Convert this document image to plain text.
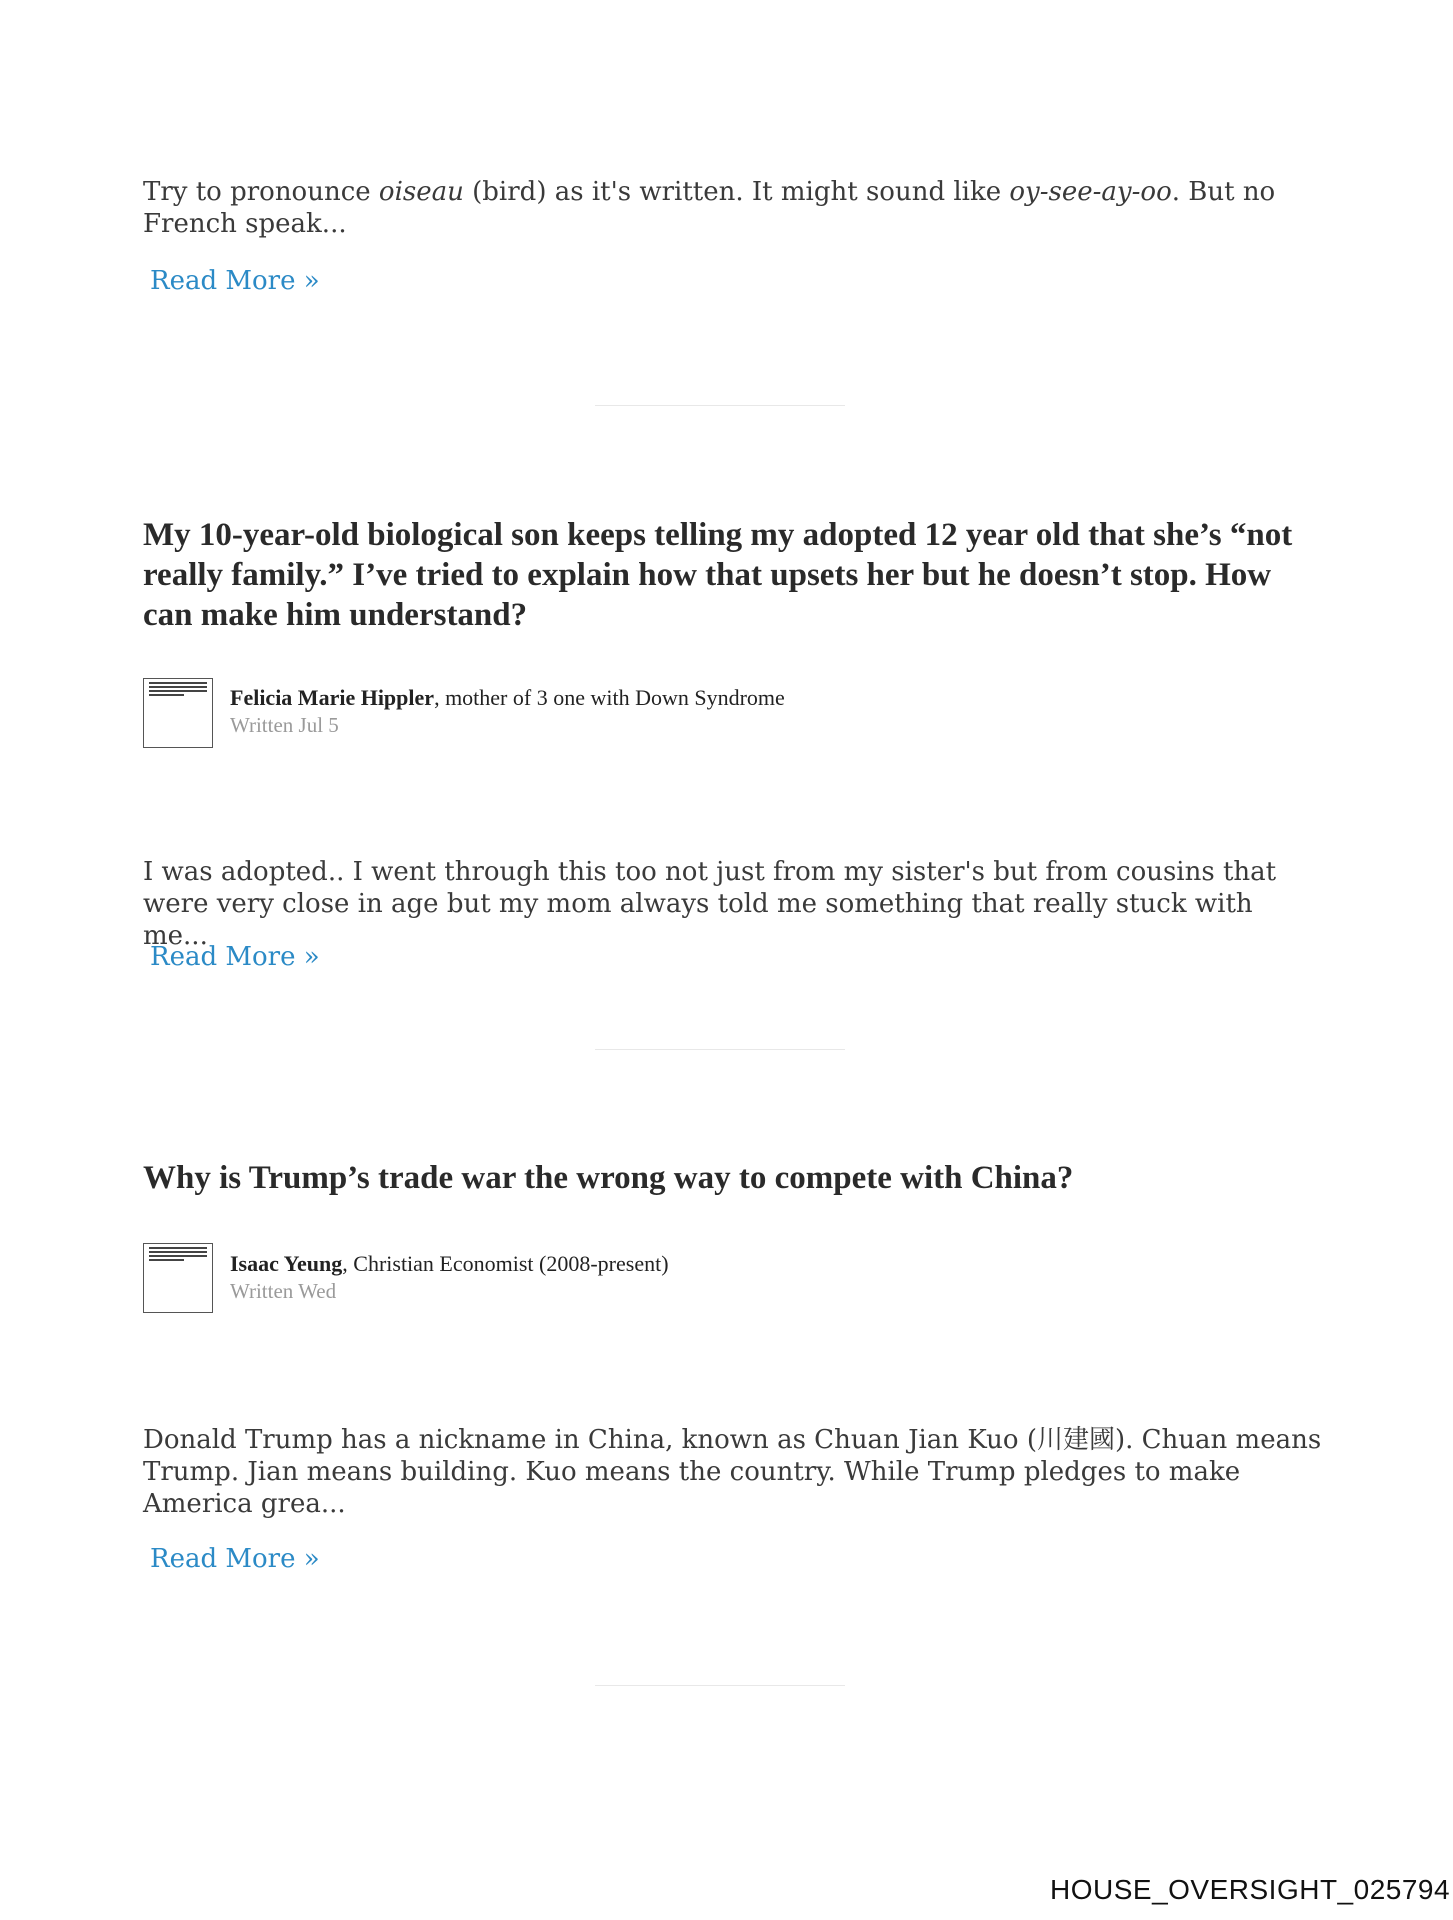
Try to pronounce oiseau (bird) as it's written. It might sound like oy-see-ay-oo. But no French speak...
Read More »
My 10-year-old biological son keeps telling my adopted 12 year old that she’s “not really family.” I’ve tried to explain how that upsets her but he doesn’t stop. How can make him understand?
Felicia Marie Hippler, mother of 3 one with Down Syndrome
Written Jul 5
I was adopted.. I went through this too not just from my sister's but from cousins that were very close in age but my mom always told me something that really stuck with me...
Read More »
Why is Trump’s trade war the wrong way to compete with China?
Isaac Yeung, Christian Economist (2008-present)
Written Wed
Donald Trump has a nickname in China, known as Chuan Jian Kuo (川建國). Chuan means Trump. Jian means building. Kuo means the country. While Trump pledges to make America grea...
Read More »
HOUSE_OVERSIGHT_025794
